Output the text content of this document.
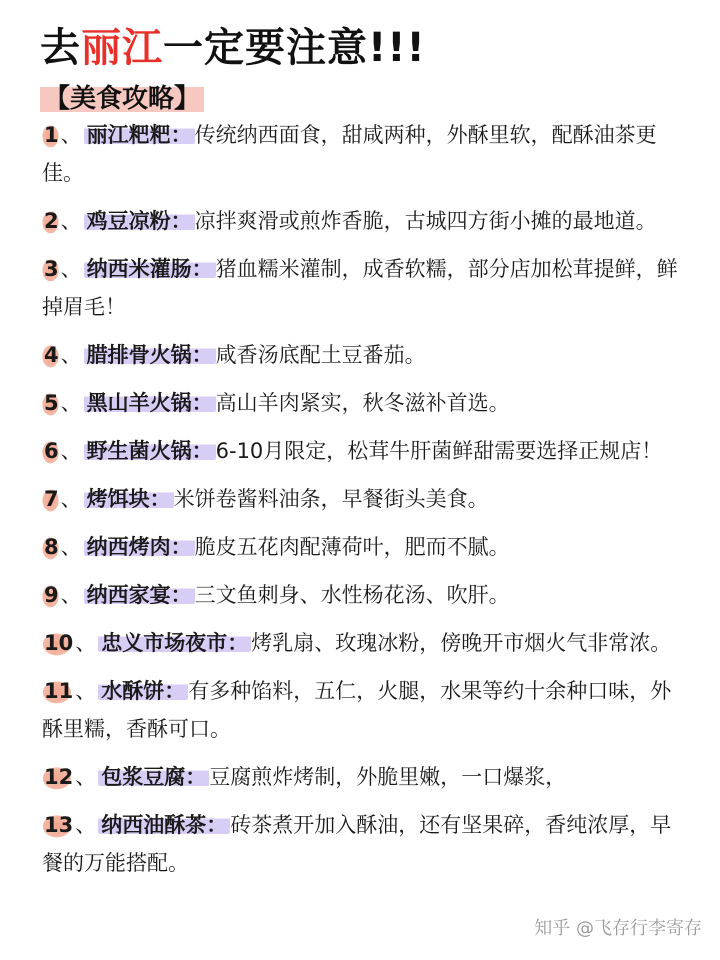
去丽江一定要注意!!!
【美食攻略】
1、 丽江粑粑： 传统纳西面食，甜咸两种，外酥里软，配酥油茶更佳。
2、 鸡豆凉粉： 凉拌爽滑或煎炸香脆，古城四方街小摊的最地道。
3、 纳西米灌肠： 猪血糯米灌制，成香软糯，部分店加松茸提鲜，鲜掉眉毛！
4、 腊排骨火锅： 咸香汤底配土豆番茄。
5、 黑山羊火锅： 高山羊肉紧实，秋冬滋补首选。
6、 野生菌火锅： 6-10月限定，松茸牛肝菌鲜甜需要选择正规店！
7、 烤饵块： 米饼卷酱料油条，早餐街头美食。
8、 纳西烤肉： 脆皮五花肉配薄荷叶，肥而不腻。
9、 纳西家宴： 三文鱼刺身、水性杨花汤、吹肝。
10、 忠义市场夜市： 烤乳扇、玫瑰冰粉，傍晚开市烟火气非常浓。
11、 水酥饼： 有多种馅料，五仁，火腿，水果等约十余种口味，外酥里糯，香酥可口。
12、 包浆豆腐： 豆腐煎炸烤制，外脆里嫩，一口爆浆，
13、 纳西油酥茶： 砖茶煮开加入酥油，还有坚果碎，香纯浓厚，早餐的万能搭配。
知乎 @飞存行李寄存
